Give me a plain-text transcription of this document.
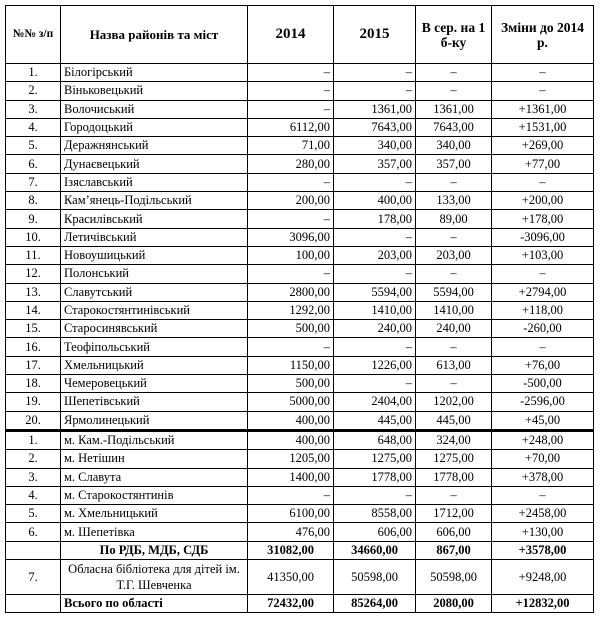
№№ з/п	Назва районів та міст	2014	2015	В сер. на 1 б-ку	Зміни до 2014 р.
1.	Білогірський	–	–	–	–
2.	Віньковецький	–	–	–	–
3.	Волочиський	–	1361,00	1361,00	+1361,00
4.	Городоцький	6112,00	7643,00	7643,00	+1531,00
5.	Деражнянський	71,00	340,00	340,00	+269,00
6.	Дунаєвецький	280,00	357,00	357,00	+77,00
7.	Ізяславський	–	–	–	–
8.	Кам’янець-Подільський	200,00	400,00	133,00	+200,00
9.	Красилівський	–	178,00	89,00	+178,00
10.	Летичівський	3096,00	–	–	-3096,00
11.	Новоушицький	100,00	203,00	203,00	+103,00
12.	Полонський	–	–	–	–
13.	Славутський	2800,00	5594,00	5594,00	+2794,00
14.	Старокостянтинівський	1292,00	1410,00	1410,00	+118,00
15.	Старосинявський	500,00	240,00	240,00	-260,00
16.	Теофіпольський	–	–	–	–
17.	Хмельницький	1150,00	1226,00	613,00	+76,00
18.	Чемеровецький	500,00	–	–	-500,00
19.	Шепетівський	5000,00	2404,00	1202,00	-2596,00
20.	Ярмолинецький	400,00	445,00	445,00	+45,00
1.	м. Кам.-Подільський	400,00	648,00	324,00	+248,00
2.	м. Нетішин	1205,00	1275,00	1275,00	+70,00
3.	м. Славута	1400,00	1778,00	1778,00	+378,00
4.	м. Старокостянтинів	–	–	–	–
5.	м. Хмельницький	6100,00	8558,00	1712,00	+2458,00
6.	м. Шепетівка	476,00	606,00	606,00	+130,00
	По РДБ, МДБ, СДБ	31082,00	34660,00	867,00	+3578,00
7.	Обласна бібліотека для дітей ім. Т.Г. Шевченка	41350,00	50598,00	50598,00	+9248,00
	Всього по області	72432,00	85264,00	2080,00	+12832,00
